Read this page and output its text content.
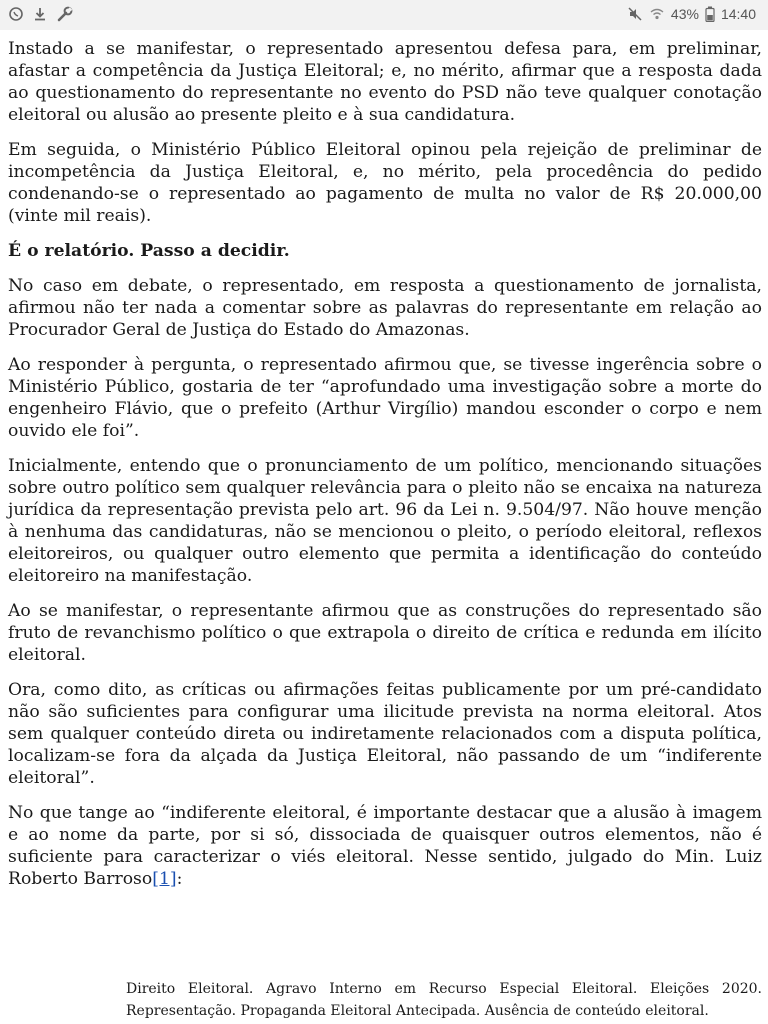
43% 14:40

Instado a se manifestar, o representado apresentou defesa para, em preliminar, afastar a competência da Justiça Eleitoral; e, no mérito, afirmar que a resposta dada ao questionamento do representante no evento do PSD não teve qualquer conotação eleitoral ou alusão ao presente pleito e à sua candidatura.

Em seguida, o Ministério Público Eleitoral opinou pela rejeição de preliminar de incompetência da Justiça Eleitoral, e, no mérito, pela procedência do pedido condenando-se o representado ao pagamento de multa no valor de R$ 20.000,00 (vinte mil reais).

É o relatório. Passo a decidir.

No caso em debate, o representado, em resposta a questionamento de jornalista, afirmou não ter nada a comentar sobre as palavras do representante em relação ao Procurador Geral de Justiça do Estado do Amazonas.

Ao responder à pergunta, o representado afirmou que, se tivesse ingerência sobre o Ministério Público, gostaria de ter “aprofundado uma investigação sobre a morte do engenheiro Flávio, que o prefeito (Arthur Virgílio) mandou esconder o corpo e nem ouvido ele foi”.

Inicialmente, entendo que o pronunciamento de um político, mencionando situações sobre outro político sem qualquer relevância para o pleito não se encaixa na natureza jurídica da representação prevista pelo art. 96 da Lei n. 9.504/97. Não houve menção à nenhuma das candidaturas, não se mencionou o pleito, o período eleitoral, reflexos eleitoreiros, ou qualquer outro elemento que permita a identificação do conteúdo eleitoreiro na manifestação.

Ao se manifestar, o representante afirmou que as construções do representado são fruto de revanchismo político o que extrapola o direito de crítica e redunda em ilícito eleitoral.

Ora, como dito, as críticas ou afirmações feitas publicamente por um pré-candidato não são suficientes para configurar uma ilicitude prevista na norma eleitoral. Atos sem qualquer conteúdo direta ou indiretamente relacionados com a disputa política, localizam-se fora da alçada da Justiça Eleitoral, não passando de um “indiferente eleitoral”.

No que tange ao “indiferente eleitoral, é importante destacar que a alusão à imagem e ao nome da parte, por si só, dissociada de quaisquer outros elementos, não é suficiente para caracterizar o viés eleitoral. Nesse sentido, julgado do Min. Luiz Roberto Barroso[1]:

Direito Eleitoral. Agravo Interno em Recurso Especial Eleitoral. Eleições 2020. Representação. Propaganda Eleitoral Antecipada. Ausência de conteúdo eleitoral.
